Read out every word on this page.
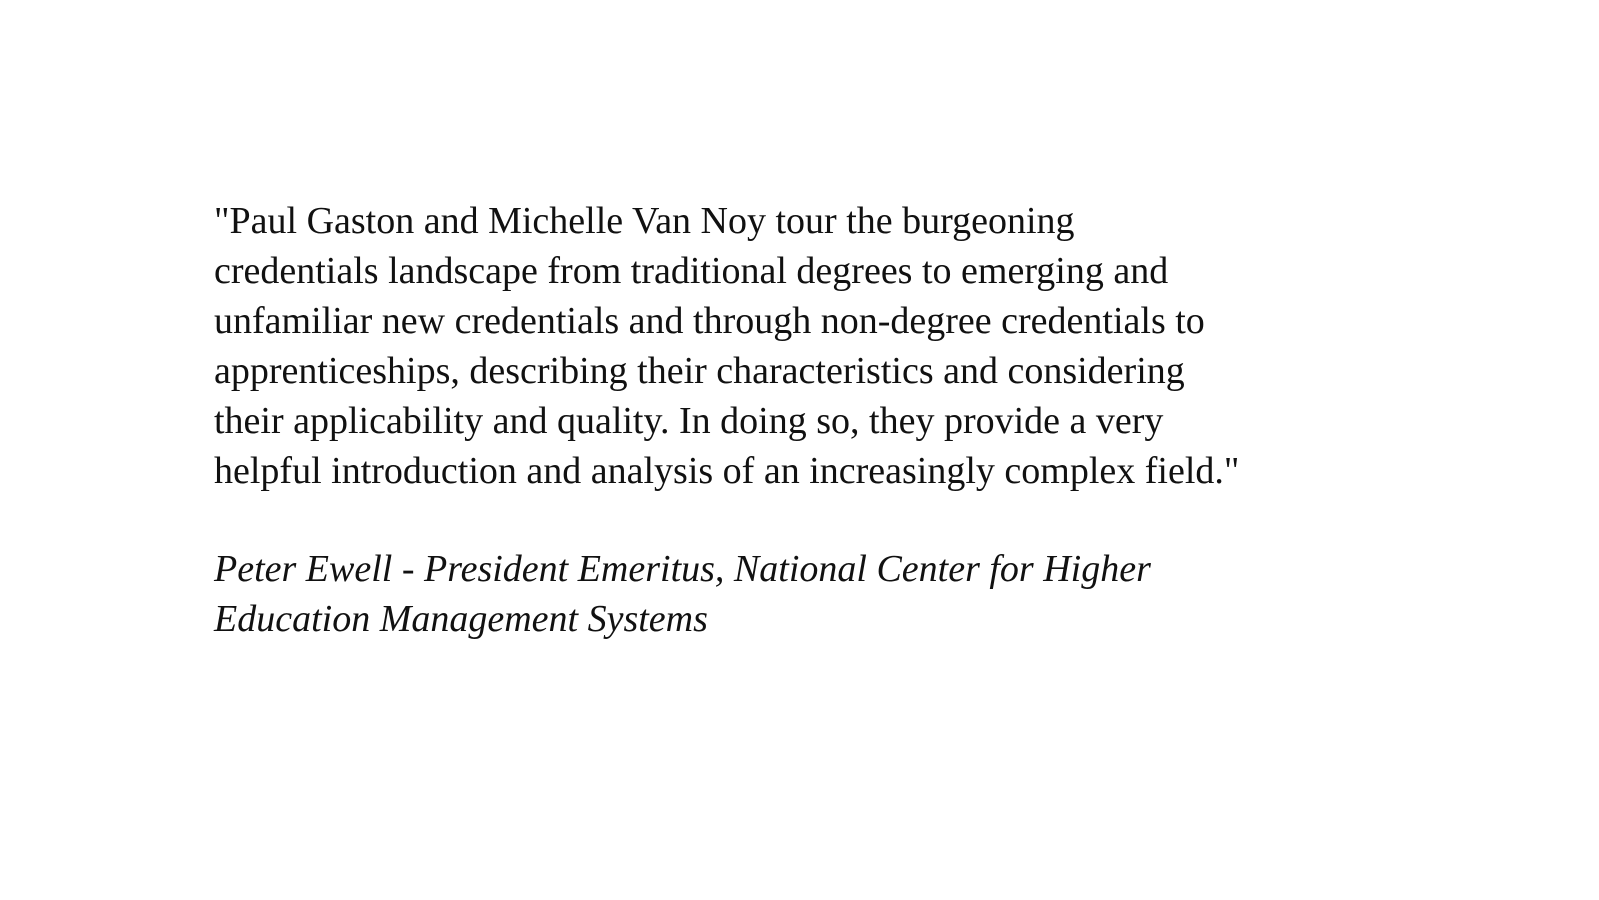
"Paul Gaston and Michelle Van Noy tour the burgeoning
credentials landscape from traditional degrees to emerging and
unfamiliar new credentials and through non-degree credentials to
apprenticeships, describing their characteristics and considering
their applicability and quality. In doing so, they provide a very
helpful introduction and analysis of an increasingly complex field."

Peter Ewell - President Emeritus, National Center for Higher
Education Management Systems
